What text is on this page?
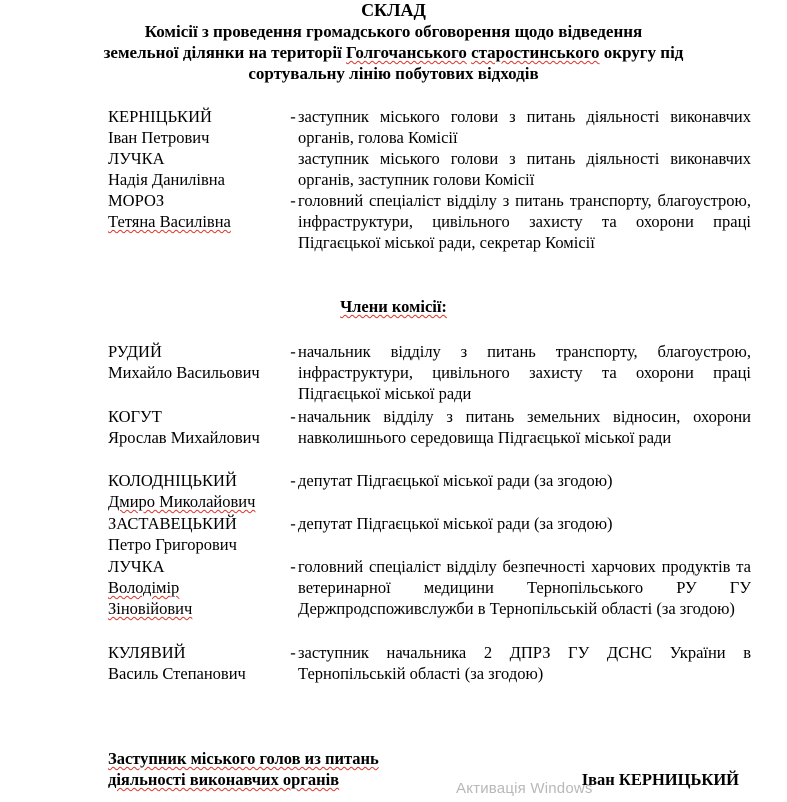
СКЛАД
Комісії з проведення громадського обговорення щодо відведення
земельної ділянки на території Голгочанського старостинського округу під
сортувальну лінію побутових відходів
КЕРНІЦЬКИЙ
Іван Петрович
- заступник міського голови з питань діяльності виконавчих органів, голова Комісії
ЛУЧКА
Надія Данилівна
заступник міського голови з питань діяльності виконавчих органів, заступник голови Комісії
МОРОЗ
Тетяна Василівна
- головний спеціаліст відділу з питань транспорту, благоустрою, інфраструктури, цивільного захисту та охорони праці Підгаєцької міської ради, секретар Комісії
Члени комісії:
РУДИЙ
Михайло Васильович
- начальник відділу з питань транспорту, благоустрою, інфраструктури, цивільного захисту та охорони праці Підгаєцької міської ради
КОГУТ
Ярослав Михайлович
- начальник відділу з питань земельних відносин, охорони навколишнього середовища Підгаєцької міської ради
КОЛОДНІЦЬКИЙ
Дмиро Миколайович
- депутат Підгаєцької міської ради (за згодою)
ЗАСТАВЕЦЬКИЙ
Петро Григорович
- депутат Підгаєцької міської ради (за згодою)
ЛУЧКА
Володімір
Зіновійович
- головний спеціаліст відділу безпечності харчових продуктів та ветеринарної медицини Тернопільського РУ ГУ Держпродспоживслужби в Тернопільській області (за згодою)
КУЛЯВИЙ
Василь Степанович
- заступник начальника 2 ДПРЗ ГУ ДСНС України в Тернопільській області (за згодою)
Заступник міського голов из питань
діяльності виконавчих органів	Іван КЕРНИЦЬКИЙ
Активація Windows
